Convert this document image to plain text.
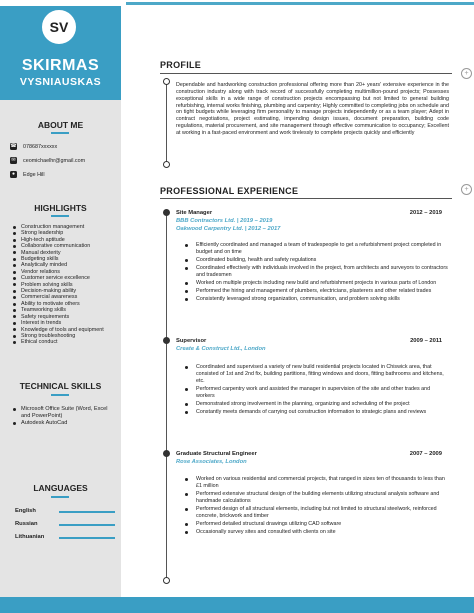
SV
SKIRMAS
VYSNIAUSKAS
ABOUT ME
☎ 078687xxxxxx
✉ ceomichaelhr@gmail.com
●	Edge Hill
HIGHLIGHTS
Construction management
Strong leadership
High-tech aptitude
Collaborative communication
Manual dexterity
Budgeting skills
Analytically minded
Vendor relations
Customer service excellence
Problem solving skills
Decision-making ability
Commercial awareness
Ability to motivate others
Teamworking skills
Safety requirements
Interest in trends
Knowledge of tools and equipment
Strong troubleshooting
Ethical conduct
TECHNICAL SKILLS
Microsoft Office Suite (Word, Excel and PowerPoint)
Autodesk AutoCad
LANGUAGES
English
Russian
Lithuanian
PROFILE
+
Dependable and hardworking construction professional offering more than 20+ years' extensive experience in the construction industry along with track record of successfully completing multimillion-pound projects; Possesses exceptional skills in a wide range of construction projects encompassing but not limited to general building refurbishing, internal works finishing, plumbing and carpentry; Highly committed to completing jobs on schedule and on tight budgets while leveraging firm personality to manage projects independently or as a team player; Adept in contract negotiations, project estimating, impending design issues, document preparation, building code regulations, material procurement, and site management through effective communication to occupancy; Excellent at working in a fast-paced environment and work tirelessly to complete projects quickly and efficiently
PROFESSIONAL EXPERIENCE	+
Site Manager	2012 – 2019
BBB Contractors Ltd. | 2019 – 2019
Oakwood Carpentry Ltd. | 2012 – 2017
Efficiently coordinated and managed a team of tradespeople to get a refurbishment project completed in budget and on time
Coordinated building, health and safety regulations
Coordinated effectively with individuals involved in the project, from architects and surveyors to contractors and tradesmen
Worked on multiple projects including new build and refurbishment projects in various parts of London
Performed the hiring and management of plumbers, electricians, plasterers and other related trades
Consistently leveraged strong organization, communication, and problem solving skills
Supervisor	2009 – 2011
Create & Construct Ltd., London
Coordinated and supervised a variety of new build residential projects located in Chiswick area, that consisted of 1st and 2nd fix, building partitions, fitting windows and doors, fitting bathrooms and kitchens, etc.
Performed carpentry work and assisted the manager in supervision of the site and other trades and workers
Demonstrated strong involvement in the planning, organizing and scheduling of the project
Constantly meets demands of carrying out construction information to strategic plans and reviews
Graduate Structural Engineer	2007 – 2009
Rose Associates, London
Worked on various residential and commercial projects, that ranged in sizes ten of thousands to less than £1 million
Performed extensive structural design of the building elements utilizing structural analysis software and handmade calculations
Performed design of all structural elements, including but not limited to structural steelwork, reinforced concrete, brickwork and timber
Performed detailed structural drawings utilizing CAD software
Occasionally survey sites and consulted with clients on site
